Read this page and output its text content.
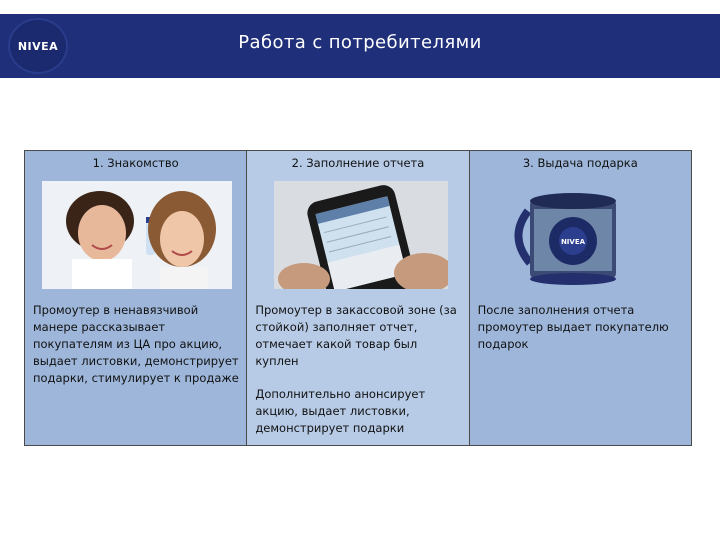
NIVEA	Работа с потребителями
1. Знакомство

Промоутер в ненавязчивой манере рассказывает покупателям из ЦА про акцию, выдает листовки, демонстрирует подарки, стимулирует к продаже

2. Заполнение отчета

Промоутер в закассовой зоне (за стойкой) заполняет отчет, отмечает какой товар был куплен

Дополнительно анонсирует акцию, выдает листовки, демонстрирует подарки

3. Выдача подарка
NIVEA

После заполнения отчета промоутер выдает покупателю подарок
